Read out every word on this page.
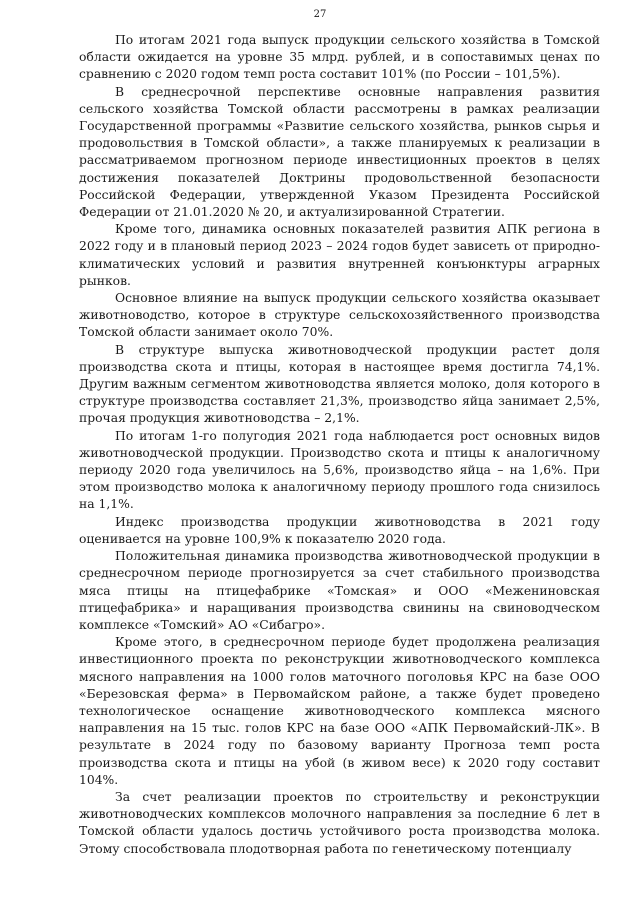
27

По итогам 2021 года выпуск продукции сельского хозяйства в Томской области ожидается на уровне 35 млрд. рублей, и в сопоставимых ценах по сравнению с 2020 годом темп роста составит 101% (по России – 101,5%).

В среднесрочной перспективе основные направления развития сельского хозяйства Томской области рассмотрены в рамках реализации Государственной программы «Развитие сельского хозяйства, рынков сырья и продовольствия в Томской области», а также планируемых к реализации в рассматриваемом прогнозном периоде инвестиционных проектов в целях достижения показателей Доктрины продовольственной безопасности Российской Федерации, утвержденной Указом Президента Российской Федерации от 21.01.2020 № 20, и актуализированной Стратегии.

Кроме того, динамика основных показателей развития АПК региона в 2022 году и в плановый период 2023 – 2024 годов будет зависеть от природно-климатических условий и развития внутренней конъюнктуры аграрных рынков.

Основное влияние на выпуск продукции сельского хозяйства оказывает животноводство, которое в структуре сельскохозяйственного производства Томской области занимает около 70%.

В структуре выпуска животноводческой продукции растет доля производства скота и птицы, которая в настоящее время достигла 74,1%. Другим важным сегментом животноводства является молоко, доля которого в структуре производства составляет 21,3%, производство яйца занимает 2,5%, прочая продукция животноводства – 2,1%.

По итогам 1-го полугодия 2021 года наблюдается рост основных видов животноводческой продукции. Производство скота и птицы к аналогичному периоду 2020 года увеличилось на 5,6%, производство яйца – на 1,6%. При этом производство молока к аналогичному периоду прошлого года снизилось на 1,1%.

Индекс производства продукции животноводства в 2021 году оценивается на уровне 100,9% к показателю 2020 года.

Положительная динамика производства животноводческой продукции в среднесрочном периоде прогнозируется за счет стабильного производства мяса птицы на птицефабрике «Томская» и ООО «Межениновская птицефабрика» и наращивания производства свинины на свиноводческом комплексе «Томский» АО «Сибагро».

Кроме этого, в среднесрочном периоде будет продолжена реализация инвестиционного проекта по реконструкции животноводческого комплекса мясного направления на 1000 голов маточного поголовья КРС на базе ООО «Березовская ферма» в Первомайском районе, а также будет проведено технологическое оснащение животноводческого комплекса мясного направления на 15 тыс. голов КРС на базе ООО «АПК Первомайский-ЛК». В результате в 2024 году по базовому варианту Прогноза темп роста производства скота и птицы на убой (в живом весе) к 2020 году составит 104%.

За счет реализации проектов по строительству и реконструкции животноводческих комплексов молочного направления за последние 6 лет в Томской области удалось достичь устойчивого роста производства молока. Этому способствовала плодотворная работа по генетическому потенциалу
